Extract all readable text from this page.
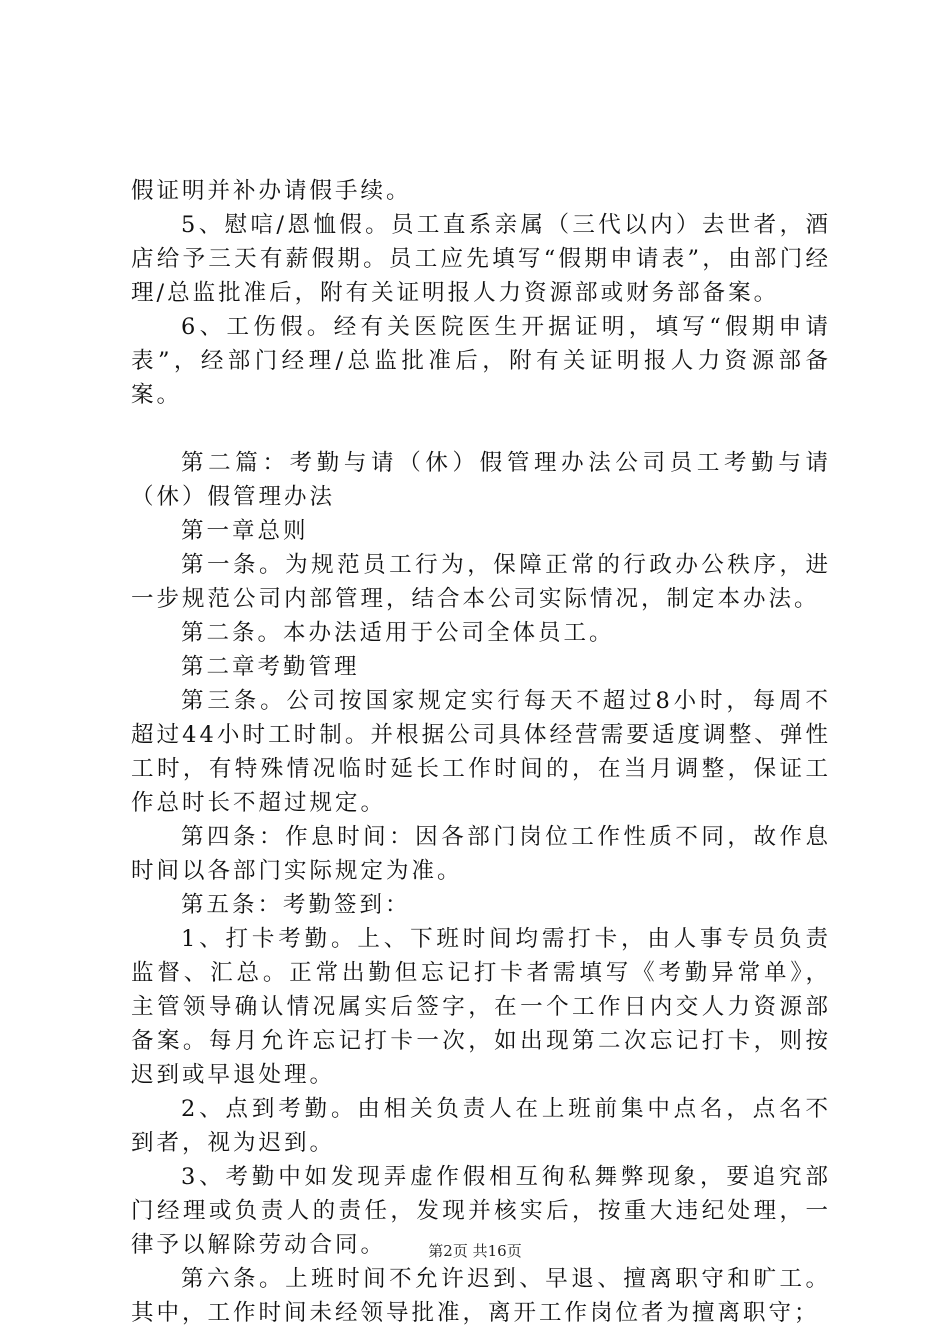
假证明并补办请假手续。

5、慰唁/恩恤假。员工直系亲属（三代以内）去世者，酒店给予三天有薪假期。员工应先填写“假期申请表”，由部门经理/总监批准后，附有关证明报人力资源部或财务部备案。

6、工伤假。经有关医院医生开据证明，填写“假期申请表”，经部门经理/总监批准后，附有关证明报人力资源部备案。

第二篇：考勤与请（休）假管理办法公司员工考勤与请（休）假管理办法

第一章总则

第一条。为规范员工行为，保障正常的行政办公秩序，进一步规范公司内部管理，结合本公司实际情况，制定本办法。

第二条。本办法适用于公司全体员工。

第二章考勤管理

第三条。公司按国家规定实行每天不超过8小时，每周不超过44小时工时制。并根据公司具体经营需要适度调整、弹性工时，有特殊情况临时延长工作时间的，在当月调整，保证工作总时长不超过规定。

第四条：作息时间：因各部门岗位工作性质不同，故作息时间以各部门实际规定为准。

第五条：考勤签到：

1、打卡考勤。上、下班时间均需打卡，由人事专员负责监督、汇总。正常出勤但忘记打卡者需填写《考勤异常单》，主管领导确认情况属实后签字，在一个工作日内交人力资源部备案。每月允许忘记打卡一次，如出现第二次忘记打卡，则按迟到或早退处理。

2、点到考勤。由相关负责人在上班前集中点名，点名不到者，视为迟到。

3、考勤中如发现弄虚作假相互徇私舞弊现象，要追究部门经理或负责人的责任，发现并核实后，按重大违纪处理，一律予以解除劳动合同。

第六条。上班时间不允许迟到、早退、擅离职守和旷工。其中，工作时间未经领导批准，离开工作岗位者为擅离职守；

第2页 共16页
